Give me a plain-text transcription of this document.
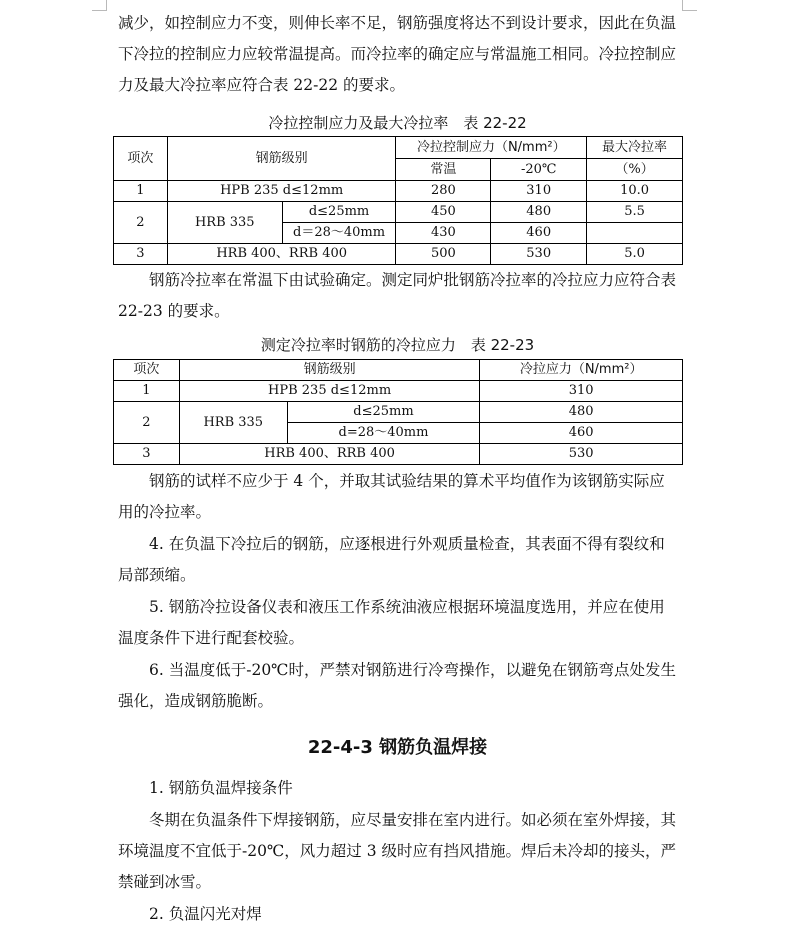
减少，如控制应力不变，则伸长率不足，钢筋强度将达不到设计要求，因此在负温下冷拉的控制应力应较常温提高。而冷拉率的确定应与常温施工相同。冷拉控制应力及最大冷拉率应符合表 22-22 的要求。

冷拉控制应力及最大冷拉率　表 22-22
项次	钢筋级别		冷拉控制应力（N/mm²）		最大冷拉率
			常温	-20℃	（%）
1	HPB 235 d≤12mm		280	310	10.0
2	HRB 335	d≤25mm	450	480	5.5
		d＝28～40mm	430	460	
3	HRB 400、RRB 400		500	530	5.0

钢筋冷拉率在常温下由试验确定。测定同炉批钢筋冷拉率的冷拉应力应符合表 22-23 的要求。

测定冷拉率时钢筋的冷拉应力　表 22-23
项次	钢筋级别		冷拉应力（N/mm²）
1	HPB 235 d≤12mm		310
2	HRB 335	d≤25mm	480
		d=28～40mm	460
3	HRB 400、RRB 400		530

钢筋的试样不应少于 4 个，并取其试验结果的算术平均值作为该钢筋实际应用的冷拉率。

4. 在负温下冷拉后的钢筋，应逐根进行外观质量检查，其表面不得有裂纹和局部颈缩。

5. 钢筋冷拉设备仪表和液压工作系统油液应根据环境温度选用，并应在使用温度条件下进行配套校验。

6. 当温度低于-20℃时，严禁对钢筋进行冷弯操作，以避免在钢筋弯点处发生强化，造成钢筋脆断。

22-4-3 钢筋负温焊接

1. 钢筋负温焊接条件

冬期在负温条件下焊接钢筋，应尽量安排在室内进行。如必须在室外焊接，其环境温度不宜低于-20℃，风力超过 3 级时应有挡风措施。焊后未冷却的接头，严禁碰到冰雪。

2. 负温闪光对焊
